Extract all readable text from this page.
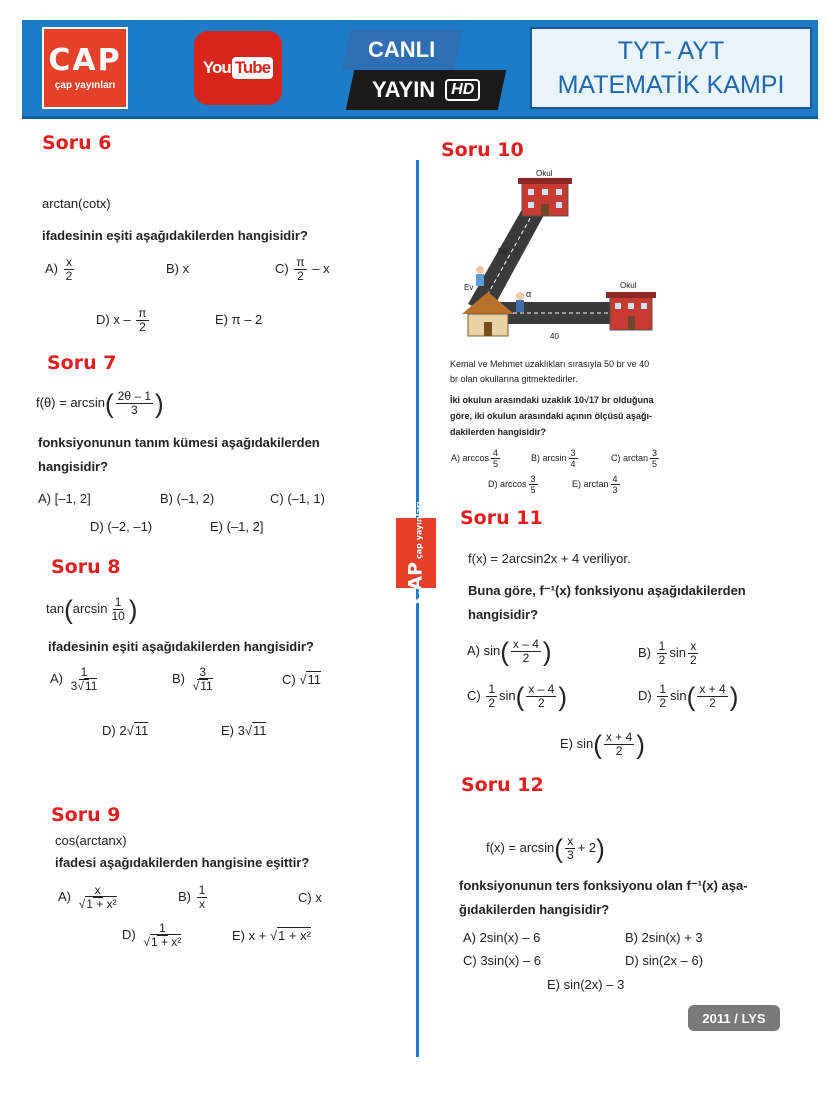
CAP
çap yayınları
You Tube
CANLI
YAYIN	HD
TYT- AYT
MATEMATİK KAMPI
CAPçap yayınları
Soru 6
arctan(cotx)
ifadesinin eşiti aşağıdakilerden hangisidir?
$A) \frac{x}{2}$	B) x	$C) \frac{\pi}{2}$ – x
D) x – $\frac{\pi}{2}$	E) π – 2
Soru 7
$f(\theta) = \arcsin( \frac{2\theta - 1}{3}$ )
fonksiyonunun tanım kümesi aşağıdakilerden
hangisidir?
A) [–1, 2]	B) (–1, 2)	C) (–1, 1)
D) (–2, –1)	E) (–1, 2]
Soru 8
$\tan(\arcsin \frac{1}{10}$ )
ifadesinin eşiti aşağıdakilerden hangisidir?
$A) \frac{1}{3√11}$	$B) \frac{3}{√11}$	C) √11
D) 2√11	E) 3√11
Soru 9
cos(arctanx)
ifadesi aşağıdakilerden hangisine eşittir?
$A) \frac{x}{\text{√1 + x²}}$	$B) \frac{1}{x}$	C) x
$D) \frac{1}{\text{√1 + x²}}$	E) x + √1 + x²
Soru 10
Okul
Okul
Ev
50
40
α
Kemal ve Mehmet uzaklıkları sırasıyla 50 br ve 40
br olan okullarına gitmektedirler.
İki okulun arasındaki uzaklık 10√17 br olduğuna
göre, iki okulun arasındaki açının ölçüsü aşağı-
dakilerden hangisidir?
A) $\arccos \frac{4}{5}$	B) $\arcsin \frac{3}{4}$	C) $\arctan \frac{3}{5}$
D) $\arccos \frac{3}{5}$	E) $\arctan \frac{4}{3}$
Soru 11
f(x) = 2arcsin2x + 4 veriliyor.
Buna göre, f⁻¹(x) fonksiyonu aşağıdakilerden
hangisidir?
A) $\sin( \frac{x - 4}{2}$ )	$B) \frac{1}{2}$ $\sin \frac{x}{2}$
$C) \frac{1}{2} \sin( \frac{x - 4}{2}$ )	$D) \frac{1}{2} \sin( \frac{x + 4}{2}$ )
E) $\sin( \frac{x + 4}{2}$ )
Soru 12
$f(x) = \arcsin( \frac{x}{3} + 2)$
fonksiyonunun ters fonksiyonu olan f⁻¹(x) aşa-
ğıdakilerden hangisidir?
A) 2sin(x) – 6	B) 2sin(x) + 3
C) 3sin(x) – 6	D) sin(2x – 6)
E) sin(2x) – 3
2011 / LYS
